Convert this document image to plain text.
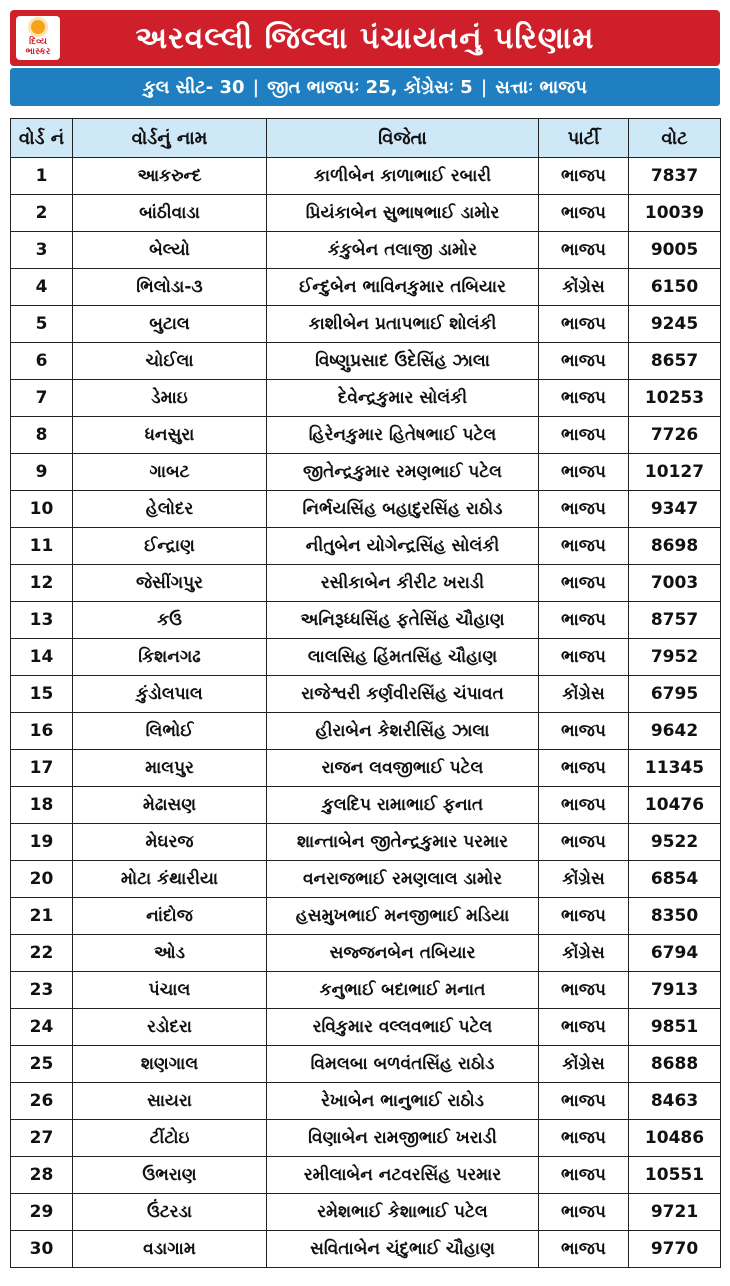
દિવ્ય
ભાસ્કર	અરવલ્લી જિલ્લા પંચાયતનું પરિણામ
કુલ સીટ- 30 | જીત ભાજપઃ 25, કોંગ્રેસઃ 5 | સત્તાઃ ભાજપ
વોર્ડ નં	વોર્ડનું નામ	વિજેતા	પાર્ટી	વોટ
1	આકરુન્દ	કાળીબેન કાળાભાઈ રબારી	ભાજપ	7837
2	બાંઠીવાડા	પ્રિયંકાબેન સુભાષભાઈ ડામોર	ભાજપ	10039
3	બેલ્યો	કંકુબેન તલાજી ડામોર	ભાજપ	9005
4	ભિલોડા-૩	ઈન્દુબેન ભાવિનકુમાર તબિયાર	કોંગ્રેસ	6150
5	બુટાલ	કાશીબેન પ્રતાપભાઈ શોલંકી	ભાજપ	9245
6	ચોઈલા	વિષ્ણુપ્રસાદ ઉદેસિંહ ઝાલા	ભાજપ	8657
7	ડેમાઇ	દેવેન્દ્રકુમાર સોલંકી	ભાજપ	10253
8	ધનસુરા	હિરેનકુમાર હિતેષભાઈ પટેલ	ભાજપ	7726
9	ગાબટ	જીતેન્દ્રકુમાર રમણભાઈ પટેલ	ભાજપ	10127
10	હેલોદર	નિર્ભયસિંહ બહાદુરસિંહ રાઠોડ	ભાજપ	9347
11	ઈન્દ્રાણ	નીતુબેન યોગેન્દ્રસિંહ સોલંકી	ભાજપ	8698
12	જેસીંગપુર	રસીકાબેન કીરીટ ખરાડી	ભાજપ	7003
13	કઉ	અનિરૂધ્ધસિંહ ફતેસિંહ ચૌહાણ	ભાજપ	8757
14	કિશનગઢ	લાલસિહ હિંમતસિંહ ચૌહાણ	ભાજપ	7952
15	કુંડોલપાલ	રાજેશ્વરી કર્ણવીરસિંહ ચંપાવત	કોંગ્રેસ	6795
16	લિભોઈ	હીરાબેન કેશરીસિંહ ઝાલા	ભાજપ	9642
17	માલપુર	રાજન લવજીભાઈ પટેલ	ભાજપ	11345
18	મેઢાસણ	કુલદિપ રામાભાઈ ફનાત	ભાજપ	10476
19	મેઘરજ	શાન્તાબેન જીતેન્દ્રકુમાર પરમાર	ભાજપ	9522
20	મોટા કંથારીયા	વનરાજભાઈ રમણલાલ ડામોર	કોંગ્રેસ	6854
21	નાંદોજ	હસમુખભાઈ મનજીભાઈ મડિયા	ભાજપ	8350
22	ઓડ	સજ્જનબેન તબિયાર	કોંગ્રેસ	6794
23	પંચાલ	કનુભાઈ બદાભાઈ મનાત	ભાજપ	7913
24	રડોદરા	રવિકુમાર વલ્લવભાઈ પટેલ	ભાજપ	9851
25	શણગાલ	વિમલબા બળવંતસિંહ રાઠોડ	કોંગ્રેસ	8688
26	સાયરા	રેખાબેન ભાનુભાઈ રાઠોડ	ભાજપ	8463
27	ટીંટોઇ	વિણાબેન રામજીભાઈ ખરાડી	ભાજપ	10486
28	ઉભરાણ	રમીલાબેન નટવરસિંહ પરમાર	ભાજપ	10551
29	ઉંટરડા	રમેશભાઈ કેશાભાઈ પટેલ	ભાજપ	9721
30	વડાગામ	સવિતાબેન ચંદુભાઈ ચૌહાણ	ભાજપ	9770
